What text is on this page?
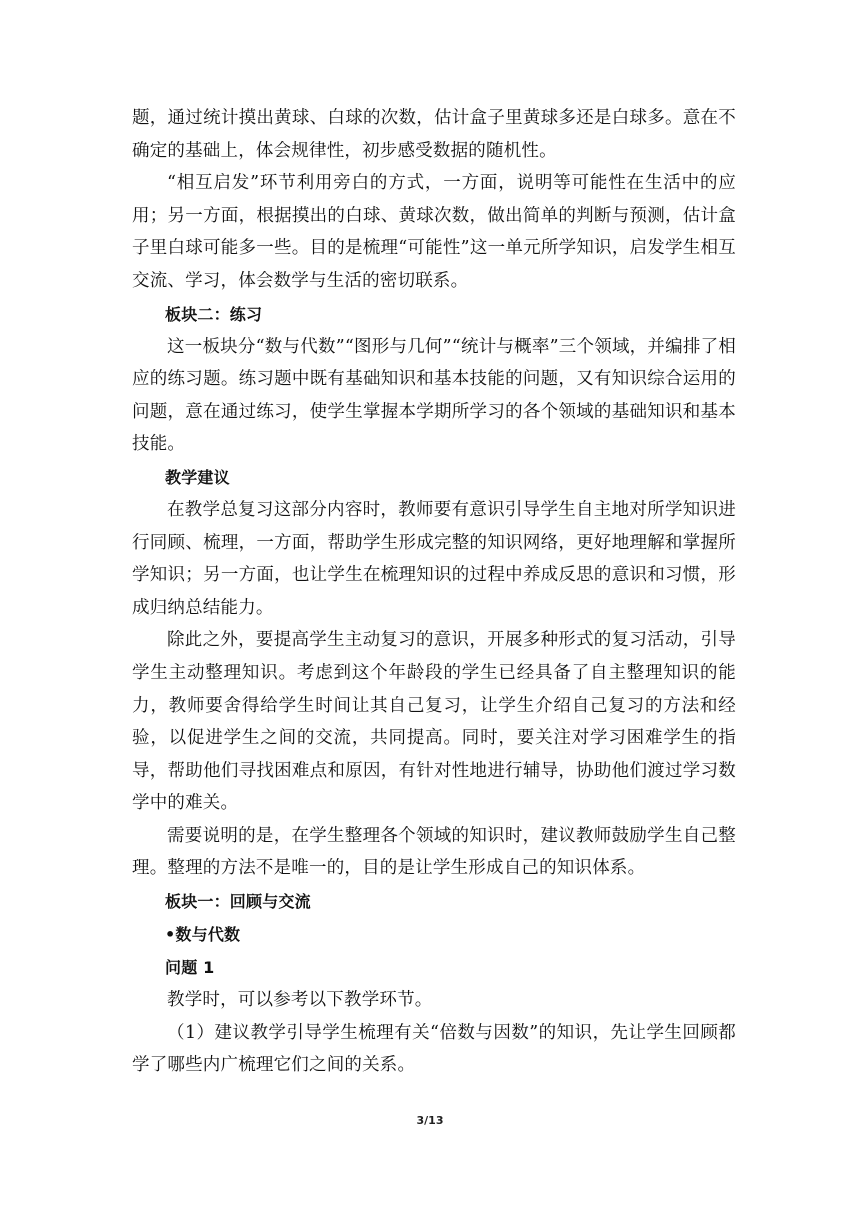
题，通过统计摸出黄球、白球的次数，估计盒子里黄球多还是白球多。意在不确定的基础上，体会规律性，初步感受数据的随机性。

“相互启发”环节利用旁白的方式，一方面，说明等可能性在生活中的应用；另一方面，根据摸出的白球、黄球次数，做出简单的判断与预测，估计盒子里白球可能多一些。目的是梳理“可能性”这一单元所学知识，启发学生相互交流、学习，体会数学与生活的密切联系。

板块二：练习

这一板块分“数与代数”“图形与几何”“统计与概率”三个领域，并编排了相应的练习题。练习题中既有基础知识和基本技能的问题，又有知识综合运用的问题，意在通过练习，使学生掌握本学期所学习的各个领域的基础知识和基本技能。

教学建议

在教学总复习这部分内容时，教师要有意识引导学生自主地对所学知识进行同顾、梳理，一方面，帮助学生形成完整的知识网络，更好地理解和掌握所学知识；另一方面，也让学生在梳理知识的过程中养成反思的意识和习惯，形成归纳总结能力。

除此之外，要提高学生主动复习的意识，开展多种形式的复习活动，引导学生主动整理知识。考虑到这个年龄段的学生已经具备了自主整理知识的能力，教师要舍得给学生时间让其自己复习，让学生介绍自己复习的方法和经验，以促进学生之间的交流，共同提高。同时，要关注对学习困难学生的指导，帮助他们寻找困难点和原因，有针对性地进行辅导，协助他们渡过学习数学中的难关。

需要说明的是，在学生整理各个领域的知识时，建议教师鼓励学生自己整理。整理的方法不是唯一的，目的是让学生形成自己的知识体系。

板块一：回顾与交流

•数与代数

问题 1

教学时，可以参考以下教学环节。

（1）建议教学引导学生梳理有关“倍数与因数”的知识，先让学生回顾都学了哪些内广梳理它们之间的关系。

3/13
